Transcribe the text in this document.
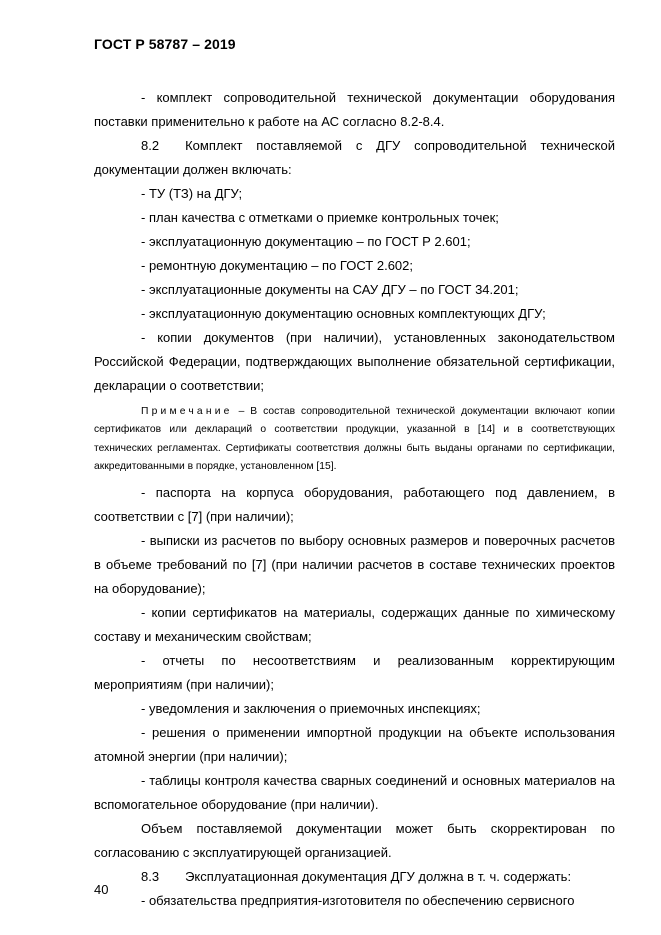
ГОСТ Р 58787 – 2019

- комплект сопроводительной технической документации оборудования поставки применительно к работе на АС согласно 8.2-8.4.

8.2 Комплект поставляемой с ДГУ сопроводительной технической документации должен включать:

- ТУ (ТЗ) на ДГУ;

- план качества с отметками о приемке контрольных точек;

- эксплуатационную документацию – по ГОСТ Р 2.601;

- ремонтную документацию – по ГОСТ 2.602;

- эксплуатационные документы на САУ ДГУ – по ГОСТ 34.201;

- эксплуатационную документацию основных комплектующих ДГУ;

- копии документов (при наличии), установленных законодательством Российской Федерации, подтверждающих выполнение обязательной сертификации, декларации о соответствии;

Примечание – В состав сопроводительной технической документации включают копии сертификатов или деклараций о соответствии продукции, указанной в [14] и в соответствующих технических регламентах. Сертификаты соответствия должны быть выданы органами по сертификации, аккредитованными в порядке, установленном [15].

- паспорта на корпуса оборудования, работающего под давлением, в соответствии с [7] (при наличии);

- выписки из расчетов по выбору основных размеров и поверочных расчетов в объеме требований по [7] (при наличии расчетов в составе технических проектов на оборудование);

- копии сертификатов на материалы, содержащих данные по химическому составу и механическим свойствам;

- отчеты по несоответствиям и реализованным корректирующим мероприятиям (при наличии);

- уведомления и заключения о приемочных инспекциях;

- решения о применении импортной продукции на объекте использования атомной энергии (при наличии);

- таблицы контроля качества сварных соединений и основных материалов на вспомогательное оборудование (при наличии).

Объем поставляемой документации может быть скорректирован по согласованию с эксплуатирующей организацией.

8.3 Эксплуатационная документация ДГУ должна в т. ч. содержать:

- обязательства предприятия-изготовителя по обеспечению сервисного

40
